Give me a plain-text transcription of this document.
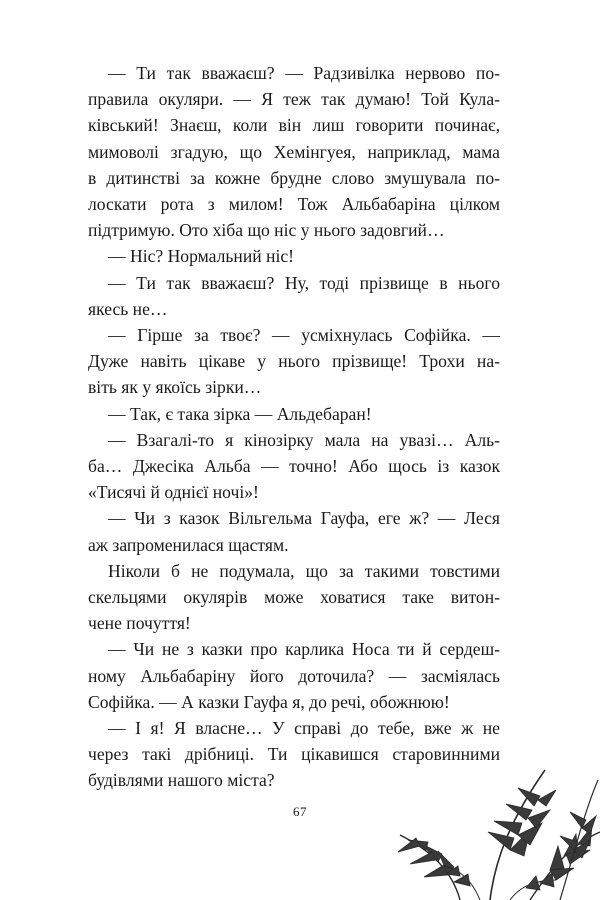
— Ти так вважаєш? — Радзивілка нервово по-
правила окуляри. — Я теж так думаю! Той Кула-
ківський! Знаєш, коли він лиш говорити починає,
мимоволі згадую, що Хемінгуея, наприклад, мама
в дитинстві за кожне брудне слово змушувала по-
лоскати рота з милом! Тож Альбабаріна цілком
підтримую. Ото хіба що ніс у нього задовгий…
— Ніс? Нормальний ніс!
— Ти так вважаєш? Ну, тоді прізвище в нього
якесь не…
— Гірше за твоє? — усміхнулась Софійка. —
Дуже навіть цікаве у нього прізвище! Трохи на-
віть як у якоїсь зірки…
— Так, є така зірка — Альдебаран!
— Взагалі-то я кінозірку мала на увазі… Аль-
ба… Джесіка Альба — точно! Або щось із казок
«Тисячі й однієї ночі»!
— Чи з казок Вільгельма Гауфа, еге ж? — Леся
аж запроменилася щастям.
Ніколи б не подумала, що за такими товстими
скельцями окулярів може ховатися таке витон-
чене почуття!
— Чи не з казки про карлика Носа ти й сердеш-
ному Альбабаріну його доточила? — засміялась
Софійка. — А казки Гауфа я, до речі, обожнюю!
— І я! Я власне… У справі до тебе, вже ж не
через такі дрібниці. Ти цікавишся старовинними
будівлями нашого міста?
67
